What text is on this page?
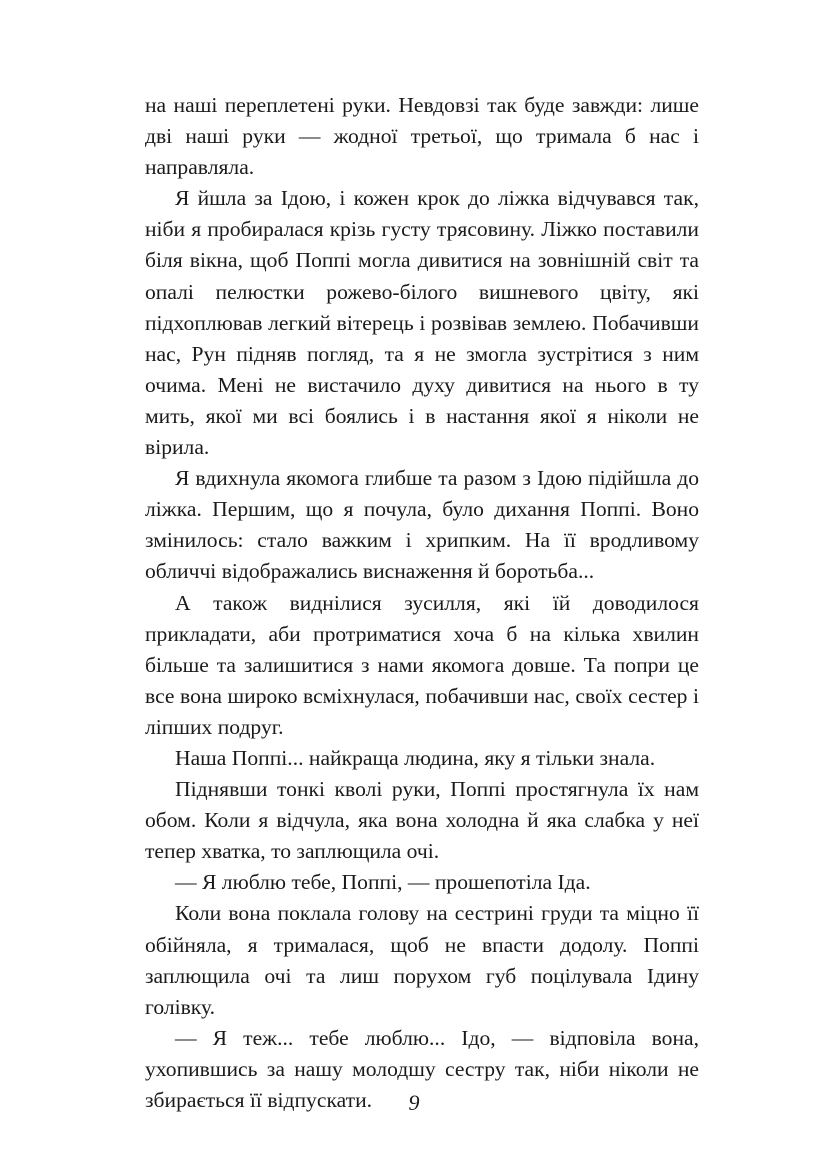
на наші переплетені руки. Невдовзі так буде завжди: лише дві наші руки — жодної третьої, що тримала б нас і направляла.

Я йшла за Ідою, і кожен крок до ліжка відчувався так, ніби я пробиралася крізь густу трясовину. Ліжко поставили біля вікна, щоб Поппі могла дивитися на зовнішній світ та опалі пелюстки рожево-білого вишневого цвіту, які підхоплював легкий вітерець і розвівав землею. Побачивши нас, Рун підняв погляд, та я не змогла зустрітися з ним очима. Мені не вистачило духу дивитися на нього в ту мить, якої ми всі боялись і в настання якої я ніколи не вірила.

Я вдихнула якомога глибше та разом з Ідою підійшла до ліжка. Першим, що я почула, було дихання Поппі. Воно змінилось: стало важким і хрипким. На її вродливому обличчі відображались виснаження й боротьба...

А також виднілися зусилля, які їй доводилося прикладати, аби протриматися хоча б на кілька хвилин більше та залишитися з нами якомога довше. Та попри це все вона широко всміхнулася, побачивши нас, своїх сестер і ліпших подруг.

Наша Поппі... найкраща людина, яку я тільки знала.

Піднявши тонкі кволі руки, Поппі простягнула їх нам обом. Коли я відчула, яка вона холодна й яка слабка у неї тепер хватка, то заплющила очі.

— Я люблю тебе, Поппі, — прошепотіла Іда.

Коли вона поклала голову на сестрині груди та міцно її обійняла, я трималася, щоб не впасти додолу. Поппі заплющила очі та лиш порухом губ поцілувала Ідину голівку.

— Я теж... тебе люблю... Ідо, — відповіла вона, ухопившись за нашу молодшу сестру так, ніби ніколи не збирається її відпускати.	9
